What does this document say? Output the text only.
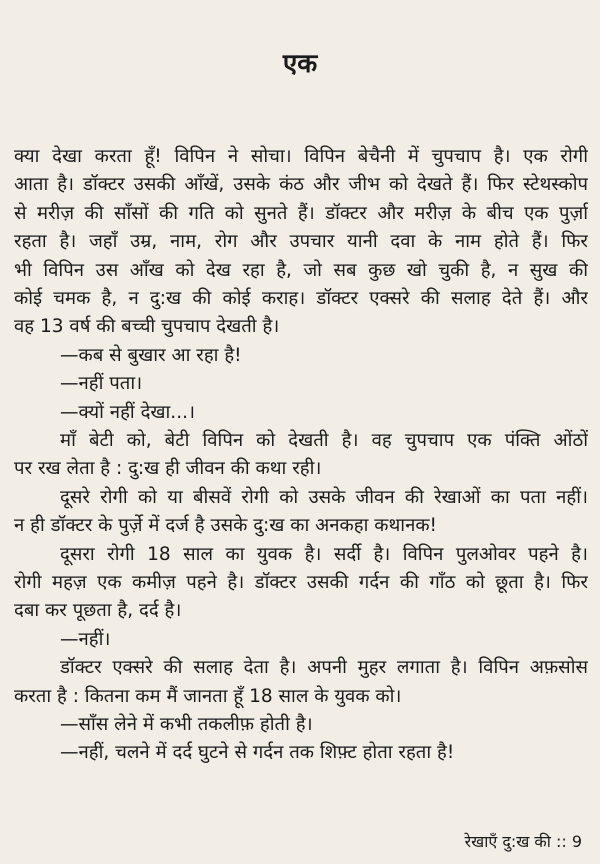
एक
क्या देखा करता हूँ! विपिन ने सोचा। विपिन बेचैनी में चुपचाप है। एक रोगी
आता है। डॉक्टर उसकी आँखें, उसके कंठ और जीभ को देखते हैं। फिर स्टेथस्कोप
से मरीज़ की साँसों की गति को सुनते हैं। डॉक्टर और मरीज़ के बीच एक पुर्ज़ा
रहता है। जहाँ उम्र, नाम, रोग और उपचार यानी दवा के नाम होते हैं। फिर
भी विपिन उस आँख को देख रहा है, जो सब कुछ खो चुकी है, न सुख की
कोई चमक है, न दु:ख की कोई कराह। डॉक्टर एक्सरे की सलाह देते हैं। और
वह 13 वर्ष की बच्ची चुपचाप देखती है।
—कब से बुखार आ रहा है!
—नहीं पता।
—क्यों नहीं देखा...।
माँ बेटी को, बेटी विपिन को देखती है। वह चुपचाप एक पंक्ति ओंठों
पर रख लेता है : दु:ख ही जीवन की कथा रही।
दूसरे रोगी को या बीसवें रोगी को उसके जीवन की रेखाओं का पता नहीं।
न ही डॉक्टर के पुर्ज़े में दर्ज है उसके दु:ख का अनकहा कथानक!
दूसरा रोगी 18 साल का युवक है। सर्दी है। विपिन पुलओवर पहने है।
रोगी महज़ एक कमीज़ पहने है। डॉक्टर उसकी गर्दन की गाँठ को छूता है। फिर
दबा कर पूछता है, दर्द है।
—नहीं।
डॉक्टर एक्सरे की सलाह देता है। अपनी मुहर लगाता है। विपिन अफ़सोस
करता है : कितना कम मैं जानता हूँ 18 साल के युवक को।
—साँस लेने में कभी तकलीफ़ होती है।
—नहीं, चलने में दर्द घुटने से गर्दन तक शिफ़्ट होता रहता है!
रेखाएँ दु:ख की :: 9
